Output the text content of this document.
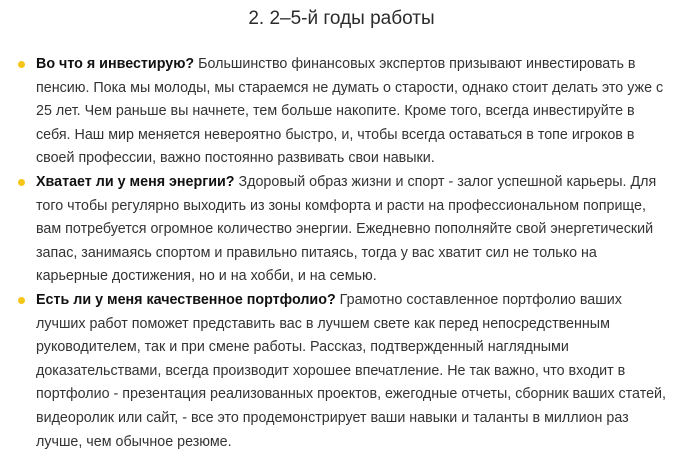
2. 2–5-й годы работы
Во что я инвестирую? Большинство финансовых экспертов призывают инвестировать в
пенсию. Пока мы молоды, мы стараемся не думать о старости, однако стоит делать это уже с
25 лет. Чем раньше вы начнете, тем больше накопите. Кроме того, всегда инвестируйте в
себя. Наш мир меняется невероятно быстро, и, чтобы всегда оставаться в топе игроков в
своей профессии, важно постоянно развивать свои навыки.
Хватает ли у меня энергии? Здоровый образ жизни и спорт - залог успешной карьеры. Для
того чтобы регулярно выходить из зоны комфорта и расти на профессиональном поприще,
вам потребуется огромное количество энергии. Ежедневно пополняйте свой энергетический
запас, занимаясь спортом и правильно питаясь, тогда у вас хватит сил не только на
карьерные достижения, но и на хобби, и на семью.
Есть ли у меня качественное портфолио? Грамотно составленное портфолио ваших
лучших работ поможет представить вас в лучшем свете как перед непосредственным
руководителем, так и при смене работы. Рассказ, подтвержденный наглядными
доказательствами, всегда производит хорошее впечатление. Не так важно, что входит в
портфолио - презентация реализованных проектов, ежегодные отчеты, сборник ваших статей,
видеоролик или сайт, - все это продемонстрирует ваши навыки и таланты в миллион раз
лучше, чем обычное резюме.
